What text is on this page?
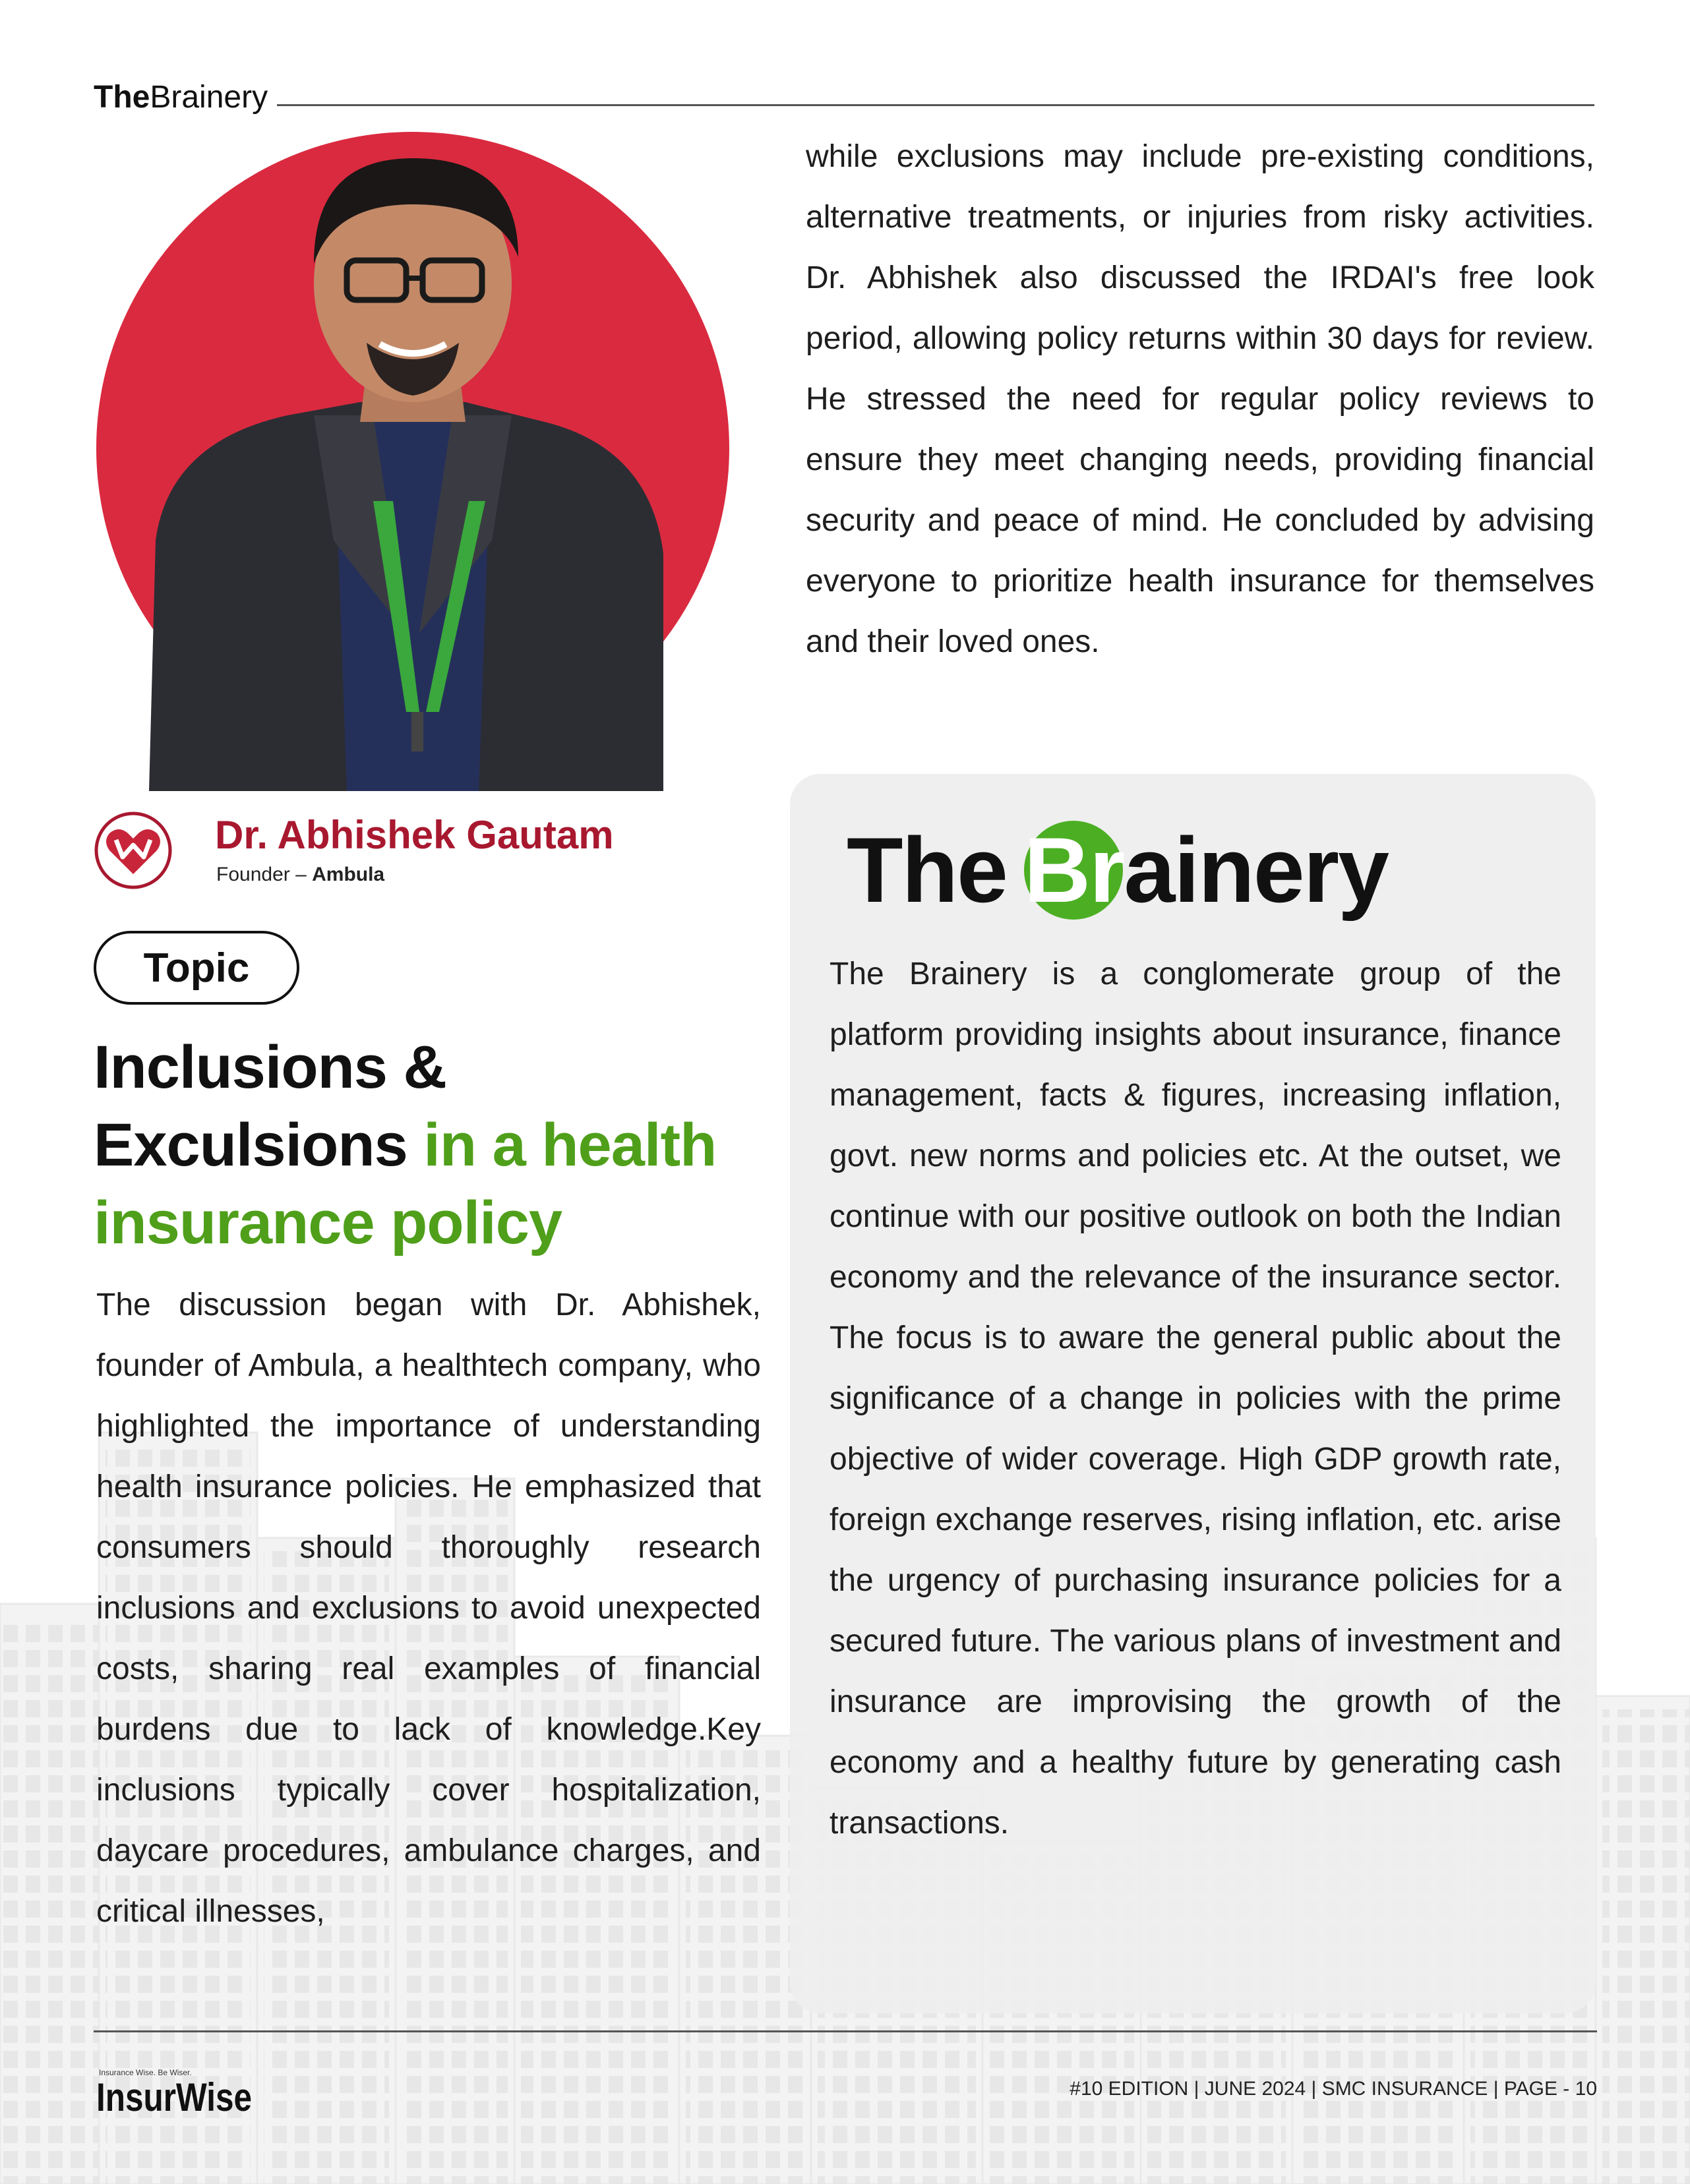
TheBrainery
Dr. Abhishek Gautam
Founder – Ambula
Topic
Inclusions &
Exculsions in a health
insurance policy
The discussion began with Dr. Abhishek, founder of Ambula, a healthtech company, who highlighted the importance of understanding health insurance policies. He emphasized that consumers should thoroughly research inclusions and exclusions to avoid unexpected costs, sharing real examples of financial burdens due to lack of knowledge.Key inclusions typically cover hospitalization, daycare procedures, ambulance charges, and critical illnesses,
while exclusions may include pre-existing conditions, alternative treatments, or injuries from risky activities. Dr. Abhishek also discussed the IRDAI's free look period, allowing policy returns within 30 days for review. He stressed the need for regular policy reviews to ensure they meet changing needs, providing financial security and peace of mind. He concluded by advising everyone to prioritize health insurance for themselves and their loved ones.
The Br ainery
The Brainery is a conglomerate group of the platform providing insights about insurance, finance management, facts & figures, increasing inflation, govt. new norms and policies etc. At the outset, we continue with our positive outlook on both the Indian economy and the relevance of the insurance sector. The focus is to aware the general public about the significance of a change in policies with the prime objective of wider coverage. High GDP growth rate, foreign exchange reserves, rising inflation, etc. arise the urgency of purchasing insurance policies for a secured future. The various plans of investment and insurance are improvising the growth of the economy and a healthy future by generating cash transactions.
Insurance Wise. Be Wiser.
InsurWise	#10 EDITION | JUNE 2024 | SMC INSURANCE | PAGE - 10
